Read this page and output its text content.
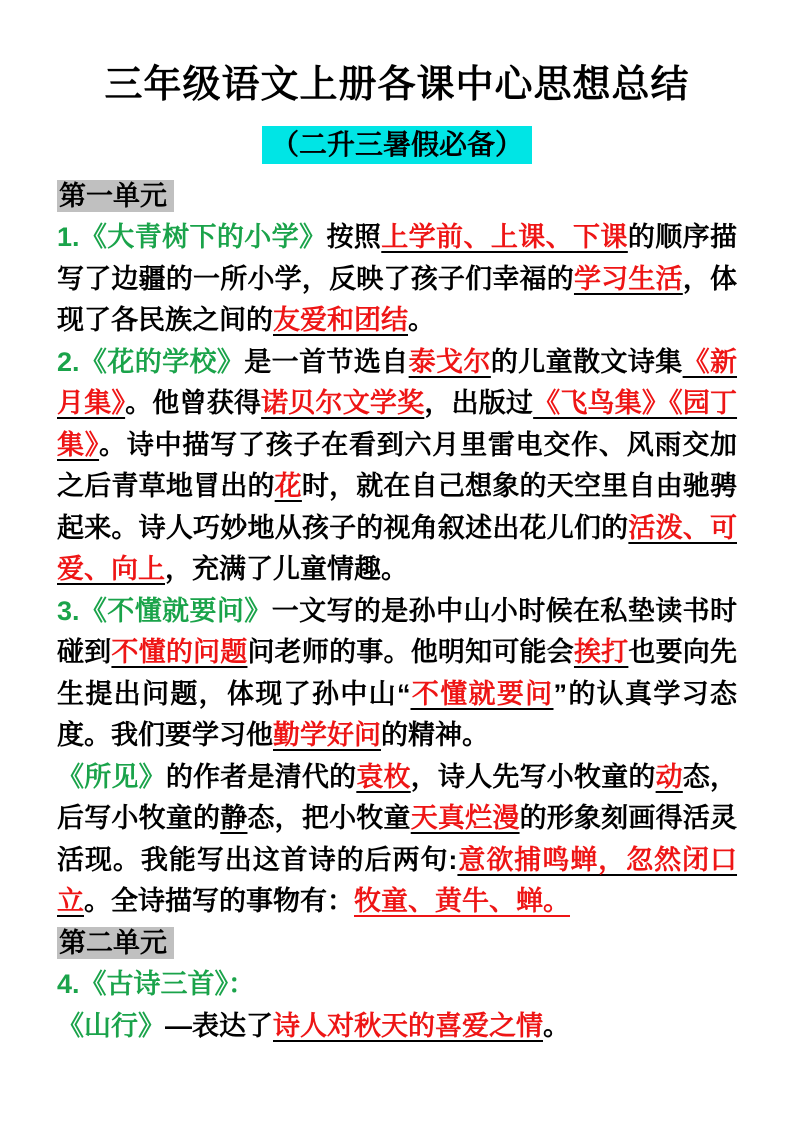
三年级语文上册各课中心思想总结
（二升三暑假必备）
第一单元

1.《大青树下的小学》按照上学前、上课、下课的顺序描写了边疆的一所小学，反映了孩子们幸福的学习生活，体现了各民族之间的友爱和团结。

2.《花的学校》是一首节选自泰戈尔的儿童散文诗集《新月集》。他曾获得诺贝尔文学奖，出版过《飞鸟集》《园丁集》。诗中描写了孩子在看到六月里雷电交作、风雨交加之后青草地冒出的花时，就在自己想象的天空里自由驰骋起来。诗人巧妙地从孩子的视角叙述出花儿们的活泼、可爱、向上，充满了儿童情趣。

3.《不懂就要问》一文写的是孙中山小时候在私垫读书时碰到不懂的问题问老师的事。他明知可能会挨打也要向先生提出问题，体现了孙中山“不懂就要问”的认真学习态度。我们要学习他勤学好问的精神。

《所见》的作者是清代的袁枚，诗人先写小牧童的动态，后写小牧童的静态，把小牧童天真烂漫的形象刻画得活灵活现。我能写出这首诗的后两句:意欲捕鸣蝉，忽然闭口立。全诗描写的事物有：牧童、黄牛、蝉。

第二单元

4.《古诗三首》：

《山行》—表达了诗人对秋天的喜爱之情。
